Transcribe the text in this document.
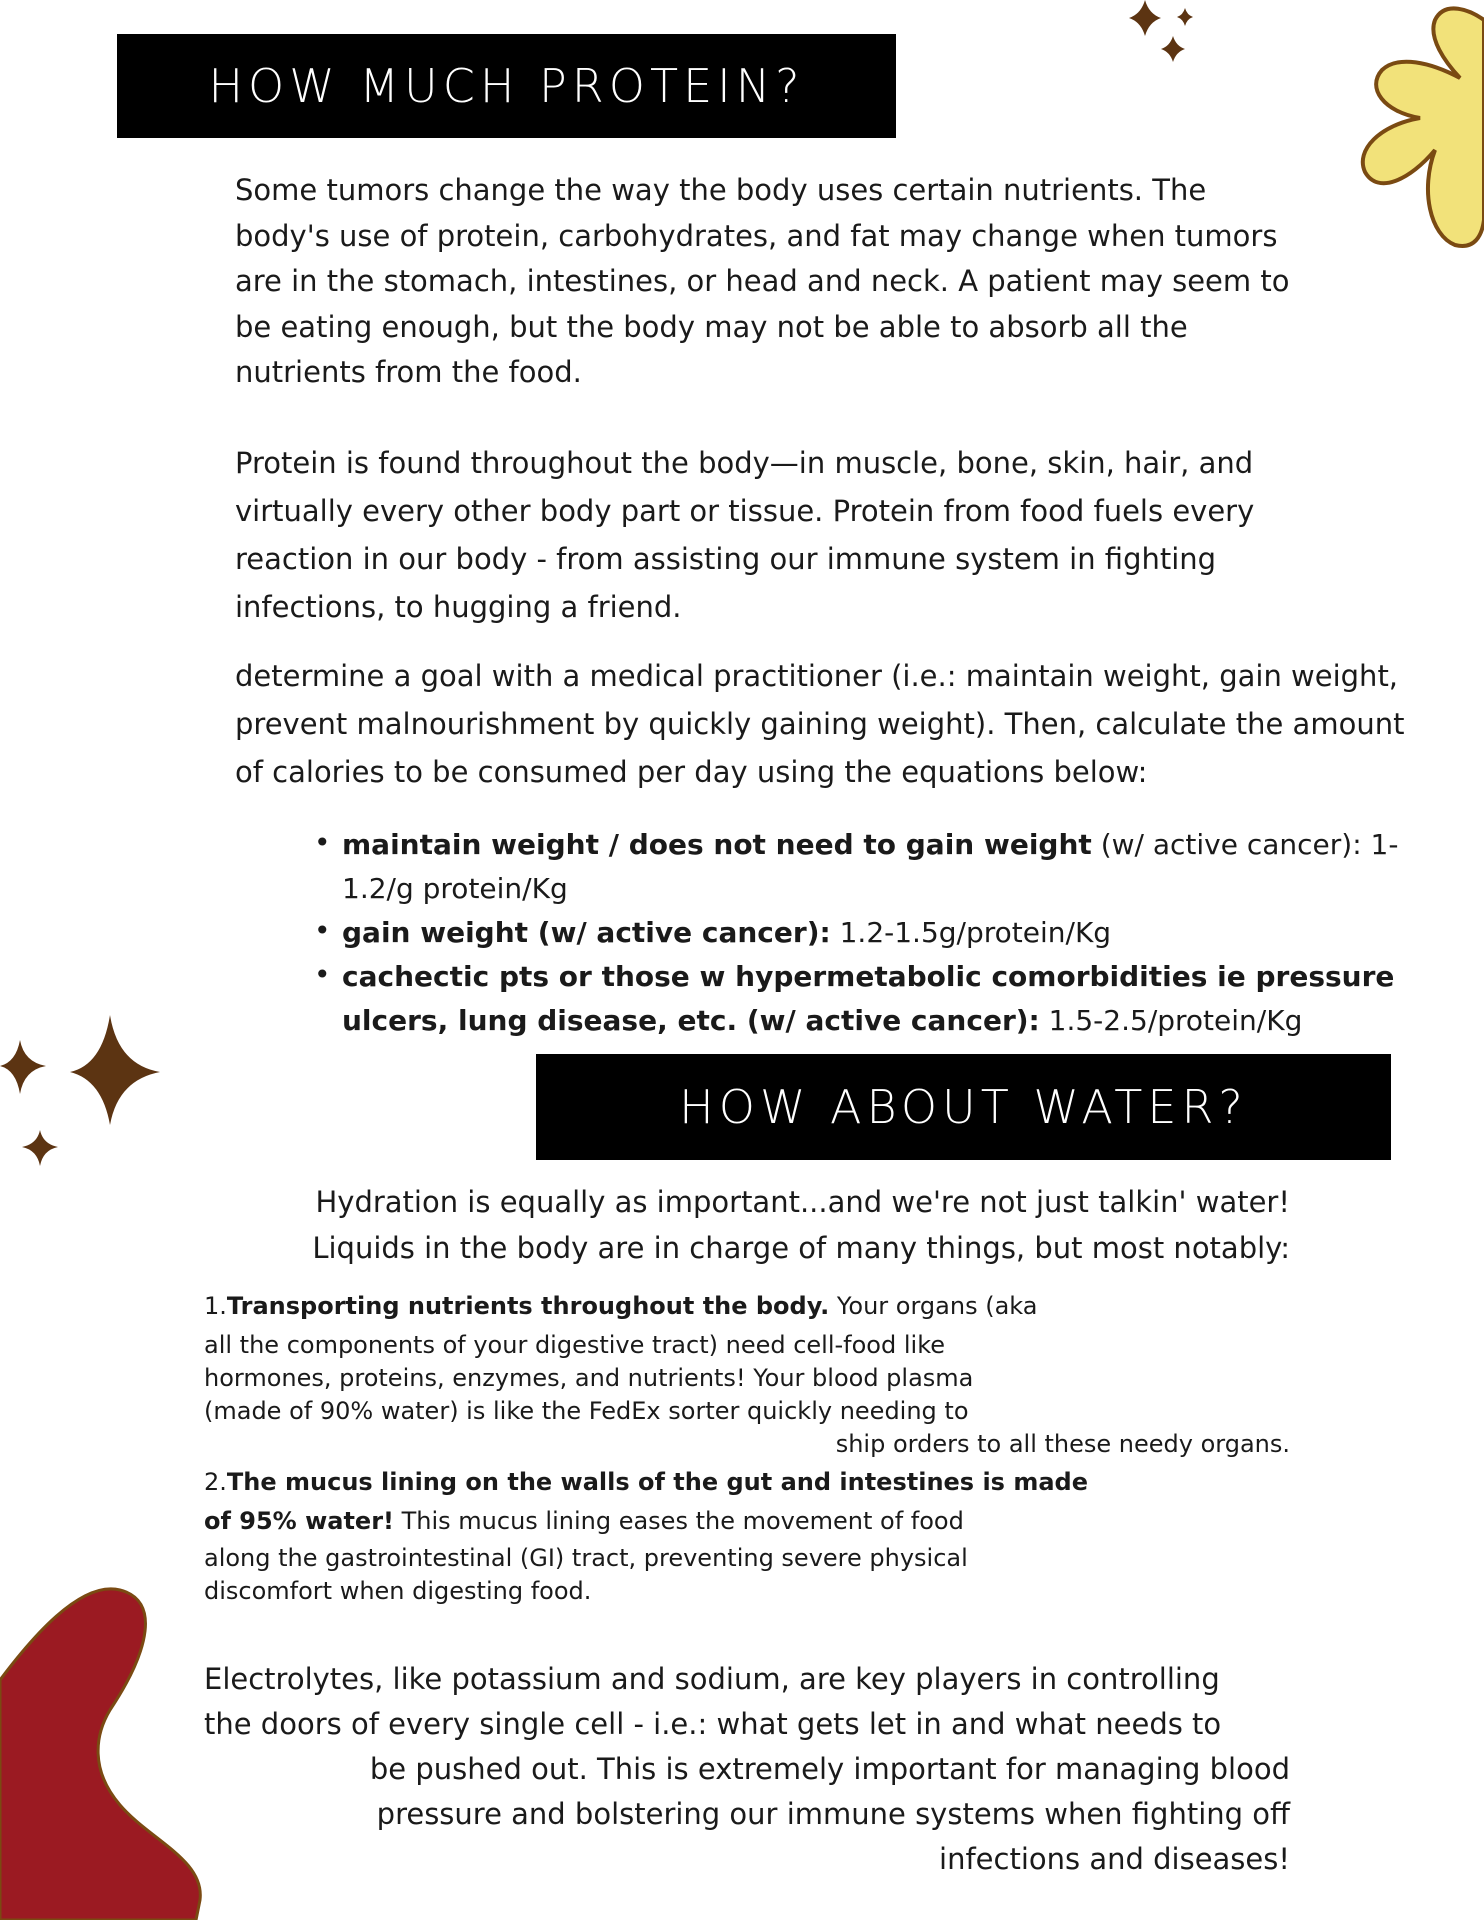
HOW MUCH PROTEIN?

Some tumors change the way the body uses certain nutrients. The body's use of protein, carbohydrates, and fat may change when tumors are in the stomach, intestines, or head and neck. A patient may seem to be eating enough, but the body may not be able to absorb all the nutrients from the food.

Protein is found throughout the body—in muscle, bone, skin, hair, and virtually every other body part or tissue. Protein from food fuels every reaction in our body - from assisting our immune system in fighting infections, to hugging a friend.

determine a goal with a medical practitioner (i.e.: maintain weight, gain weight, prevent malnourishment by quickly gaining weight). Then, calculate the amount of calories to be consumed per day using the equations below:

• maintain weight / does not need to gain weight (w/ active cancer): 1-1.2/g protein/Kg
• gain weight (w/ active cancer): 1.2-1.5g/protein/Kg
• cachectic pts or those w hypermetabolic comorbidities ie pressure ulcers, lung disease, etc. (w/ active cancer): 1.5-2.5/protein/Kg
HOW ABOUT WATER?
Hydration is equally as important...and we're not just talkin' water!
Liquids in the body are in charge of many things, but most notably:
1.Transporting nutrients throughout the body. Your organs (aka
all the components of your digestive tract) need cell-food like
hormones, proteins, enzymes, and nutrients! Your blood plasma
(made of 90% water) is like the FedEx sorter quickly needing to
ship orders to all these needy organs.
2.The mucus lining on the walls of the gut and intestines is made
of 95% water! This mucus lining eases the movement of food
along the gastrointestinal (GI) tract, preventing severe physical
discomfort when digesting food.
Electrolytes, like potassium and sodium, are key players in controlling
the doors of every single cell - i.e.: what gets let in and what needs to
be pushed out. This is extremely important for managing blood
pressure and bolstering our immune systems when fighting off
infections and diseases!
